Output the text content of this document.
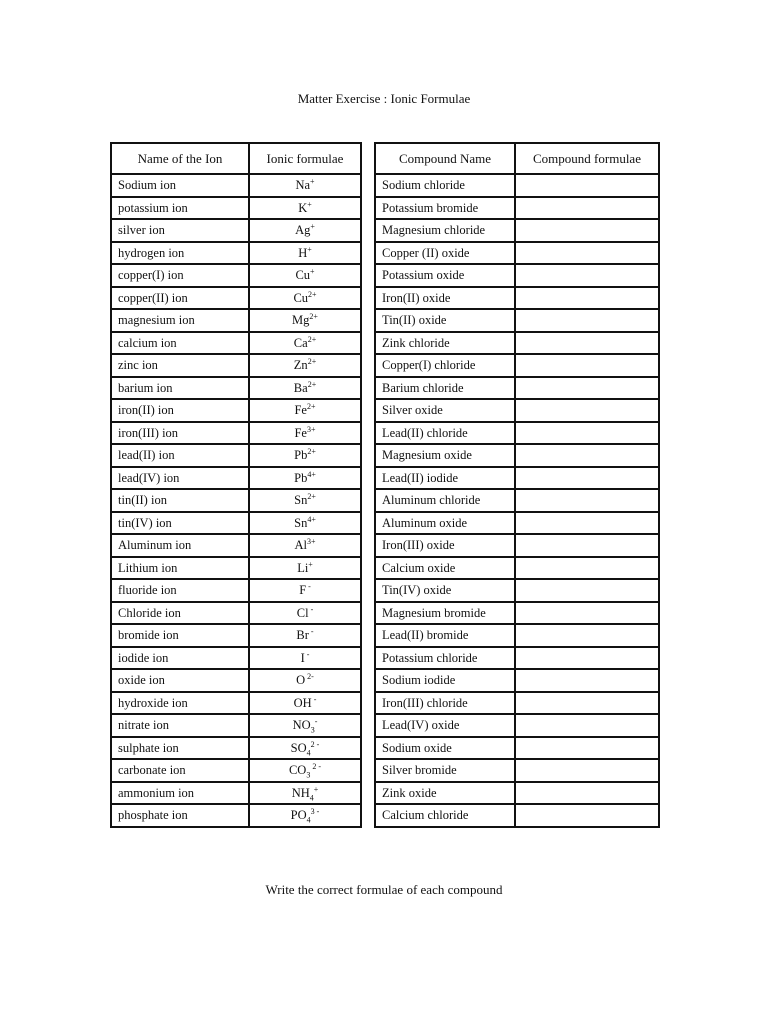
Matter Exercise : Ionic Formulae
Name of the Ion	Ionic formulae
Sodium ion	Na+
potassium ion	K+
silver ion	Ag+
hydrogen ion	H+
copper(I) ion	Cu+
copper(II) ion	$Cu^{2+}$
magnesium ion	$Mg^{2+}$
calcium ion	$Ca^{2+}$
zinc ion	$Zn^{2+}$
barium ion	$Ba^{2+}$
iron(II) ion	$Fe^{2+}$
iron(III) ion	$Fe^{3+}$
lead(II) ion	$Pb^{2+}$
lead(IV) ion	$Pb^{4+}$
tin(II) ion	$Sn^{2+}$
tin(IV) ion	$Sn^{4+}$
Aluminum ion	$Al^{3+}$
Lithium ion	Li+
fluoride ion	F -
Chloride ion	Cl -
bromide ion	Br -
iodide ion	I -
oxide ion	O $^{2-}$
hydroxide ion	OH -
nitrate ion	$NO_3^-$
sulphate ion	$SO_4^{2 -}$
carbonate ion	$CO_3$ $^{2 -}$
ammonium ion	$NH_4^+$
phosphate ion	$PO_4^{3 -}$
Compound Name	Compound formulae
Sodium chloride	
Potassium bromide	
Magnesium chloride	
Copper (II) oxide	
Potassium oxide	
Iron(II) oxide	
Tin(II) oxide	
Zink chloride	
Copper(I) chloride	
Barium chloride	
Silver oxide	
Lead(II) chloride	
Magnesium oxide	
Lead(II) iodide	
Aluminum chloride	
Aluminum oxide	
Iron(III) oxide	
Calcium oxide	
Tin(IV) oxide	
Magnesium bromide	
Lead(II) bromide	
Potassium chloride	
Sodium iodide	
Iron(III) chloride	
Lead(IV) oxide	
Sodium oxide	
Silver bromide	
Zink oxide	
Calcium chloride	
Write the correct formulae of each compound
